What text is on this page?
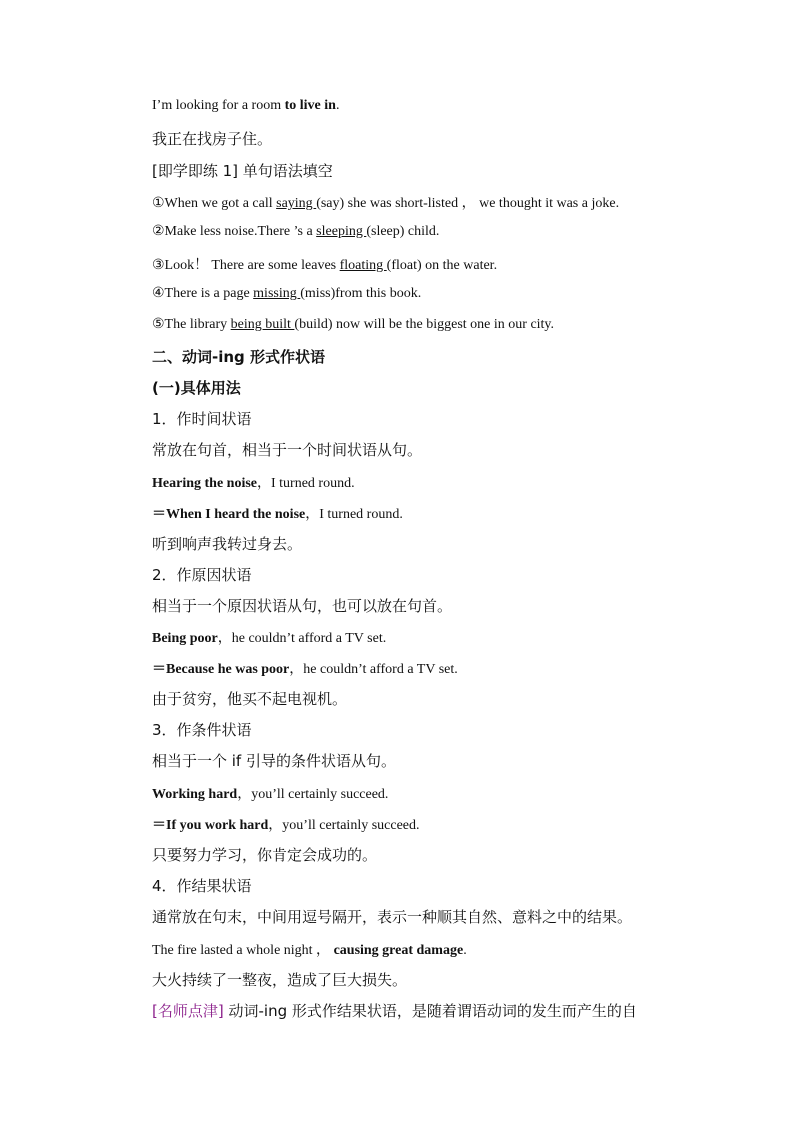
I’m looking for a room to live in.
我正在找房子住。
[即学即练 1] 单句语法填空
①When we got a call saying (say) she was short-listed ， we thought it was a joke.
②Make less noise.There ’s a sleeping (sleep) child.
③Look！ There are some leaves floating (float) on the water.
④There is a page missing (miss)from this book.
⑤The library being built (build) now will be the biggest one in our city.
二、动词-ing 形式作状语
(一)具体用法
1．作时间状语
常放在句首，相当于一个时间状语从句。
Hearing the noise，I turned round.
＝When I heard the noise，I turned round.
听到响声我转过身去。
2．作原因状语
相当于一个原因状语从句，也可以放在句首。
Being poor，he couldn’t afford a TV set.
＝Because he was poor，he couldn’t afford a TV set.
由于贫穷，他买不起电视机。
3．作条件状语
相当于一个 if 引导的条件状语从句。
Working hard，you’ll certainly succeed.
＝If you work hard，you’ll certainly succeed.
只要努力学习，你肯定会成功的。
4．作结果状语
通常放在句末，中间用逗号隔开，表示一种顺其自然、意料之中的结果。
The fire lasted a whole night ， causing great damage.
大火持续了一整夜，造成了巨大损失。
[名师点津] 动词-ing 形式作结果状语，是随着谓语动词的发生而产生的自
